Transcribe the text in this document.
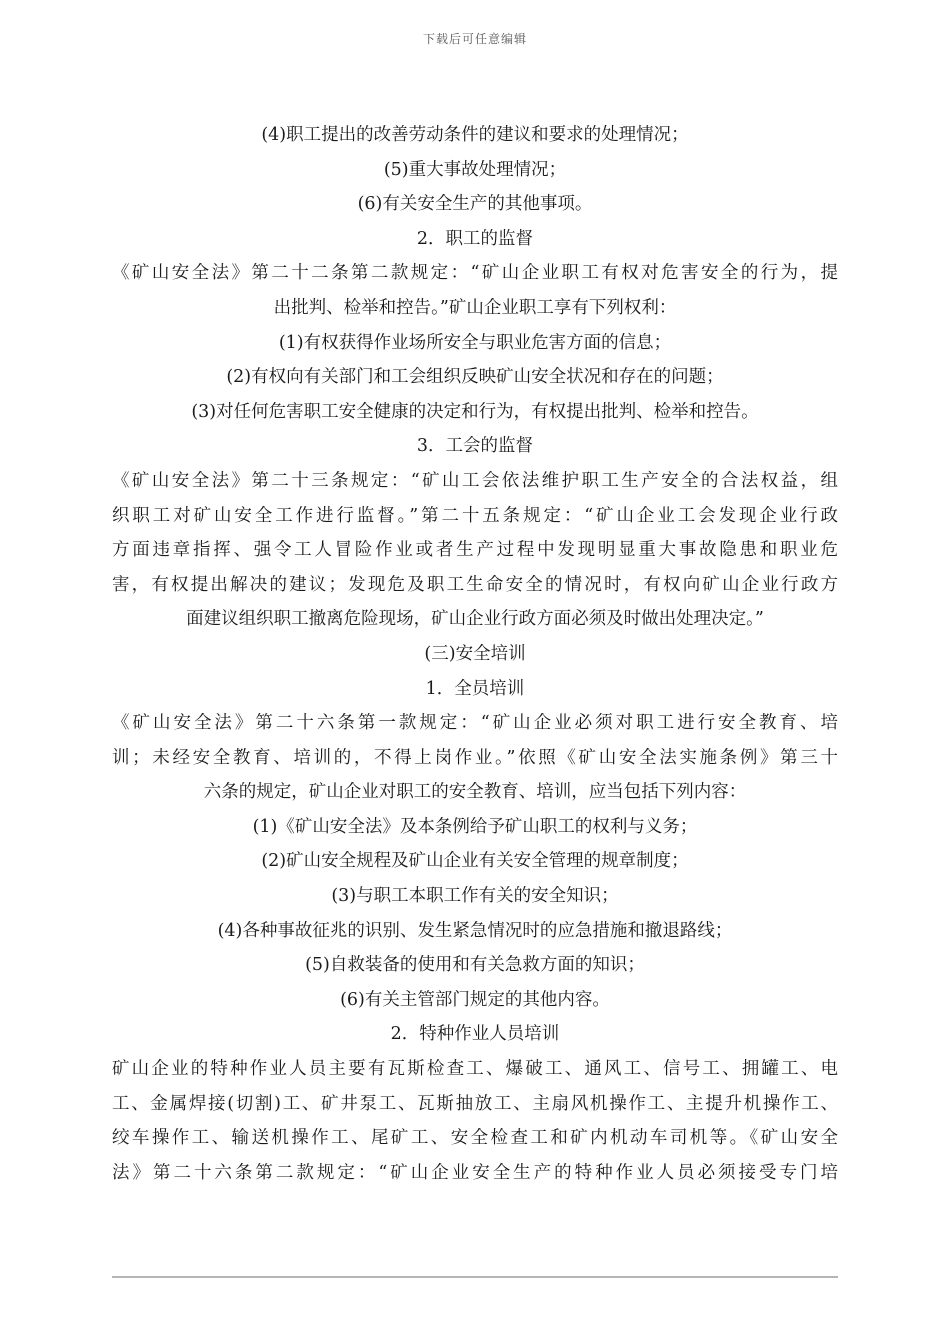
下载后可任意编辑
(4)职工提出的改善劳动条件的建议和要求的处理情况；
(5)重大事故处理情况；
(6)有关安全生产的其他事项。
2．职工的监督
《矿山安全法》第二十二条第二款规定：“矿山企业职工有权对危害安全的行为，提
出批判、检举和控告。”矿山企业职工享有下列权利：
(1)有权获得作业场所安全与职业危害方面的信息；
(2)有权向有关部门和工会组织反映矿山安全状况和存在的问题；
(3)对任何危害职工安全健康的决定和行为，有权提出批判、检举和控告。
3．工会的监督
《矿山安全法》第二十三条规定：“矿山工会依法维护职工生产安全的合法权益，组
织职工对矿山安全工作进行监督。”第二十五条规定：“矿山企业工会发现企业行政
方面违章指挥、强令工人冒险作业或者生产过程中发现明显重大事故隐患和职业危
害，有权提出解决的建议；发现危及职工生命安全的情况时，有权向矿山企业行政方
面建议组织职工撤离危险现场，矿山企业行政方面必须及时做出处理决定。”
(三)安全培训
1．全员培训
《矿山安全法》第二十六条第一款规定：“矿山企业必须对职工进行安全教育、培
训；未经安全教育、培训的，不得上岗作业。”依照《矿山安全法实施条例》第三十
六条的规定，矿山企业对职工的安全教育、培训，应当包括下列内容：
(1)《矿山安全法》及本条例给予矿山职工的权利与义务；
(2)矿山安全规程及矿山企业有关安全管理的规章制度；
(3)与职工本职工作有关的安全知识；
(4)各种事故征兆的识别、发生紧急情况时的应急措施和撤退路线；
(5)自救装备的使用和有关急救方面的知识；
(6)有关主管部门规定的其他内容。
2．特种作业人员培训
矿山企业的特种作业人员主要有瓦斯检查工、爆破工、通风工、信号工、拥罐工、电
工、金属焊接(切割)工、矿井泵工、瓦斯抽放工、主扇风机操作工、主提升机操作工、
绞车操作工、输送机操作工、尾矿工、安全检查工和矿内机动车司机等。《矿山安全
法》第二十六条第二款规定：“矿山企业安全生产的特种作业人员必须接受专门培
